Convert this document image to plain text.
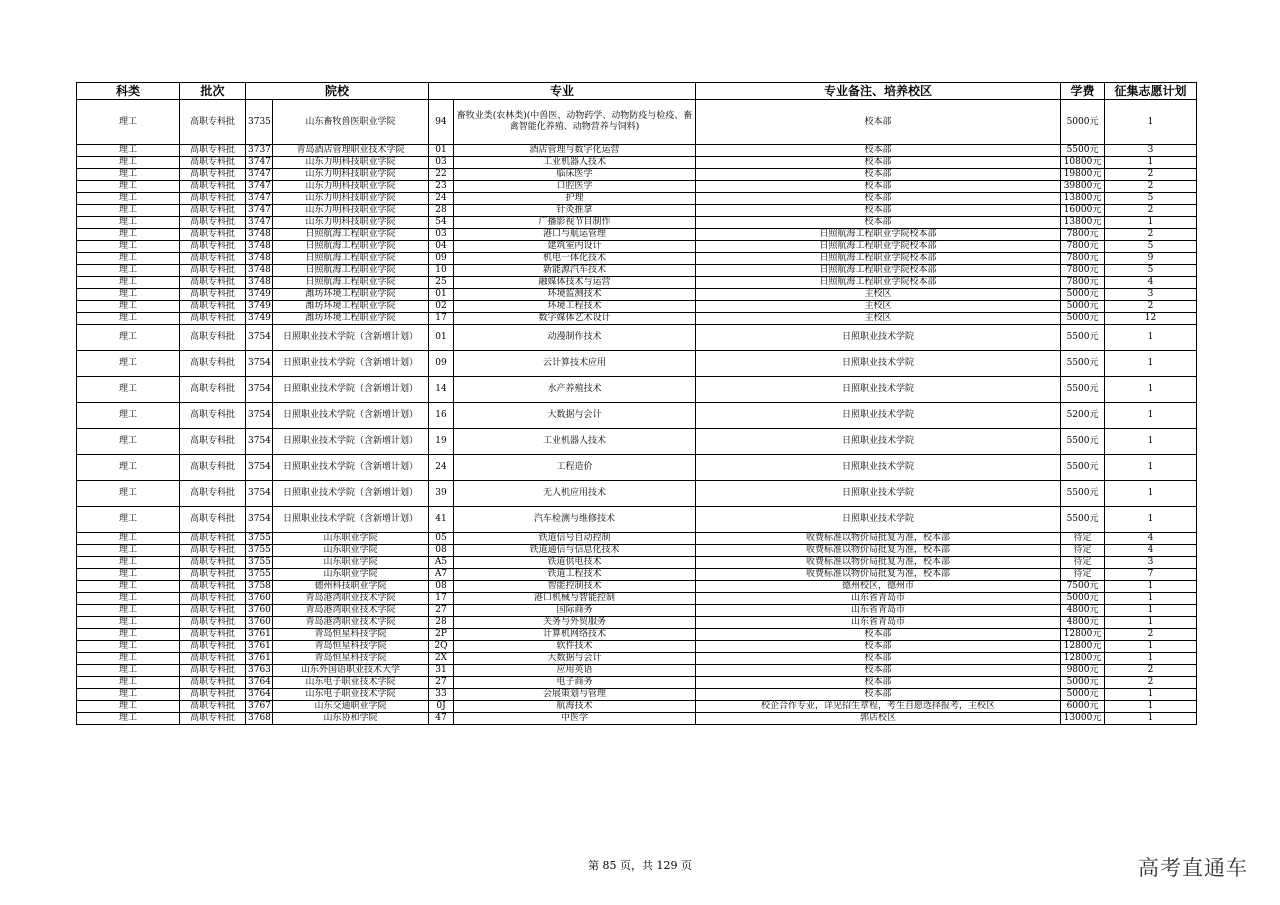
科类	批次	院校		专业		专业备注、培养校区	学费	征集志愿计划
理工	高职专科批	3735	山东畜牧兽医职业学院	94	畜牧业类(农林类)(中兽医、动物药学、动物防疫与检疫、畜禽智能化养殖、动物营养与饲料)	校本部	5000元	1
理工	高职专科批	3737	青岛酒店管理职业技术学院	01	酒店管理与数字化运营	校本部	5500元	3
理工	高职专科批	3747	山东力明科技职业学院	03	工业机器人技术	校本部	10800元	1
理工	高职专科批	3747	山东力明科技职业学院	22	临床医学	校本部	19800元	2
理工	高职专科批	3747	山东力明科技职业学院	23	口腔医学	校本部	39800元	2
理工	高职专科批	3747	山东力明科技职业学院	24	护理	校本部	13800元	5
理工	高职专科批	3747	山东力明科技职业学院	28	针灸推拿	校本部	16000元	2
理工	高职专科批	3747	山东力明科技职业学院	54	广播影视节目制作	校本部	13800元	1
理工	高职专科批	3748	日照航海工程职业学院	03	港口与航运管理	日照航海工程职业学院校本部	7800元	2
理工	高职专科批	3748	日照航海工程职业学院	04	建筑室内设计	日照航海工程职业学院校本部	7800元	5
理工	高职专科批	3748	日照航海工程职业学院	09	机电一体化技术	日照航海工程职业学院校本部	7800元	9
理工	高职专科批	3748	日照航海工程职业学院	10	新能源汽车技术	日照航海工程职业学院校本部	7800元	5
理工	高职专科批	3748	日照航海工程职业学院	25	融媒体技术与运营	日照航海工程职业学院校本部	7800元	4
理工	高职专科批	3749	潍坊环境工程职业学院	01	环境监测技术	主校区	5000元	3
理工	高职专科批	3749	潍坊环境工程职业学院	02	环境工程技术	主校区	5000元	2
理工	高职专科批	3749	潍坊环境工程职业学院	17	数字媒体艺术设计	主校区	5000元	12
理工	高职专科批	3754	日照职业技术学院（含新增计划）	01	动漫制作技术	日照职业技术学院	5500元	1
理工	高职专科批	3754	日照职业技术学院（含新增计划）	09	云计算技术应用	日照职业技术学院	5500元	1
理工	高职专科批	3754	日照职业技术学院（含新增计划）	14	水产养殖技术	日照职业技术学院	5500元	1
理工	高职专科批	3754	日照职业技术学院（含新增计划）	16	大数据与会计	日照职业技术学院	5200元	1
理工	高职专科批	3754	日照职业技术学院（含新增计划）	19	工业机器人技术	日照职业技术学院	5500元	1
理工	高职专科批	3754	日照职业技术学院（含新增计划）	24	工程造价	日照职业技术学院	5500元	1
理工	高职专科批	3754	日照职业技术学院（含新增计划）	39	无人机应用技术	日照职业技术学院	5500元	1
理工	高职专科批	3754	日照职业技术学院（含新增计划）	41	汽车检测与维修技术	日照职业技术学院	5500元	1
理工	高职专科批	3755	山东职业学院	05	铁道信号自动控制	收费标准以物价局批复为准，校本部	待定	4
理工	高职专科批	3755	山东职业学院	08	铁道通信与信息化技术	收费标准以物价局批复为准，校本部	待定	4
理工	高职专科批	3755	山东职业学院	A5	铁道供电技术	收费标准以物价局批复为准，校本部	待定	3
理工	高职专科批	3755	山东职业学院	A7	铁道工程技术	收费标准以物价局批复为准，校本部	待定	7
理工	高职专科批	3758	德州科技职业学院	08	智能控制技术	德州校区，德州市	7500元	1
理工	高职专科批	3760	青岛港湾职业技术学院	17	港口机械与智能控制	山东省青岛市	5000元	1
理工	高职专科批	3760	青岛港湾职业技术学院	27	国际商务	山东省青岛市	4800元	1
理工	高职专科批	3760	青岛港湾职业技术学院	28	关务与外贸服务	山东省青岛市	4800元	1
理工	高职专科批	3761	青岛恒星科技学院	2P	计算机网络技术	校本部	12800元	2
理工	高职专科批	3761	青岛恒星科技学院	2Q	软件技术	校本部	12800元	1
理工	高职专科批	3761	青岛恒星科技学院	2X	大数据与会计	校本部	12800元	1
理工	高职专科批	3763	山东外国语职业技术大学	31	应用英语	校本部	9800元	2
理工	高职专科批	3764	山东电子职业技术学院	27	电子商务	校本部	5000元	2
理工	高职专科批	3764	山东电子职业技术学院	33	会展策划与管理	校本部	5000元	1
理工	高职专科批	3767	山东交通职业学院	0J	航海技术	校企合作专业，详见招生章程，考生自愿选择报考，主校区	6000元	1
理工	高职专科批	3768	山东协和学院	47	中医学	郭店校区	13000元	1
第 85 页，共 129 页	高考直通车
